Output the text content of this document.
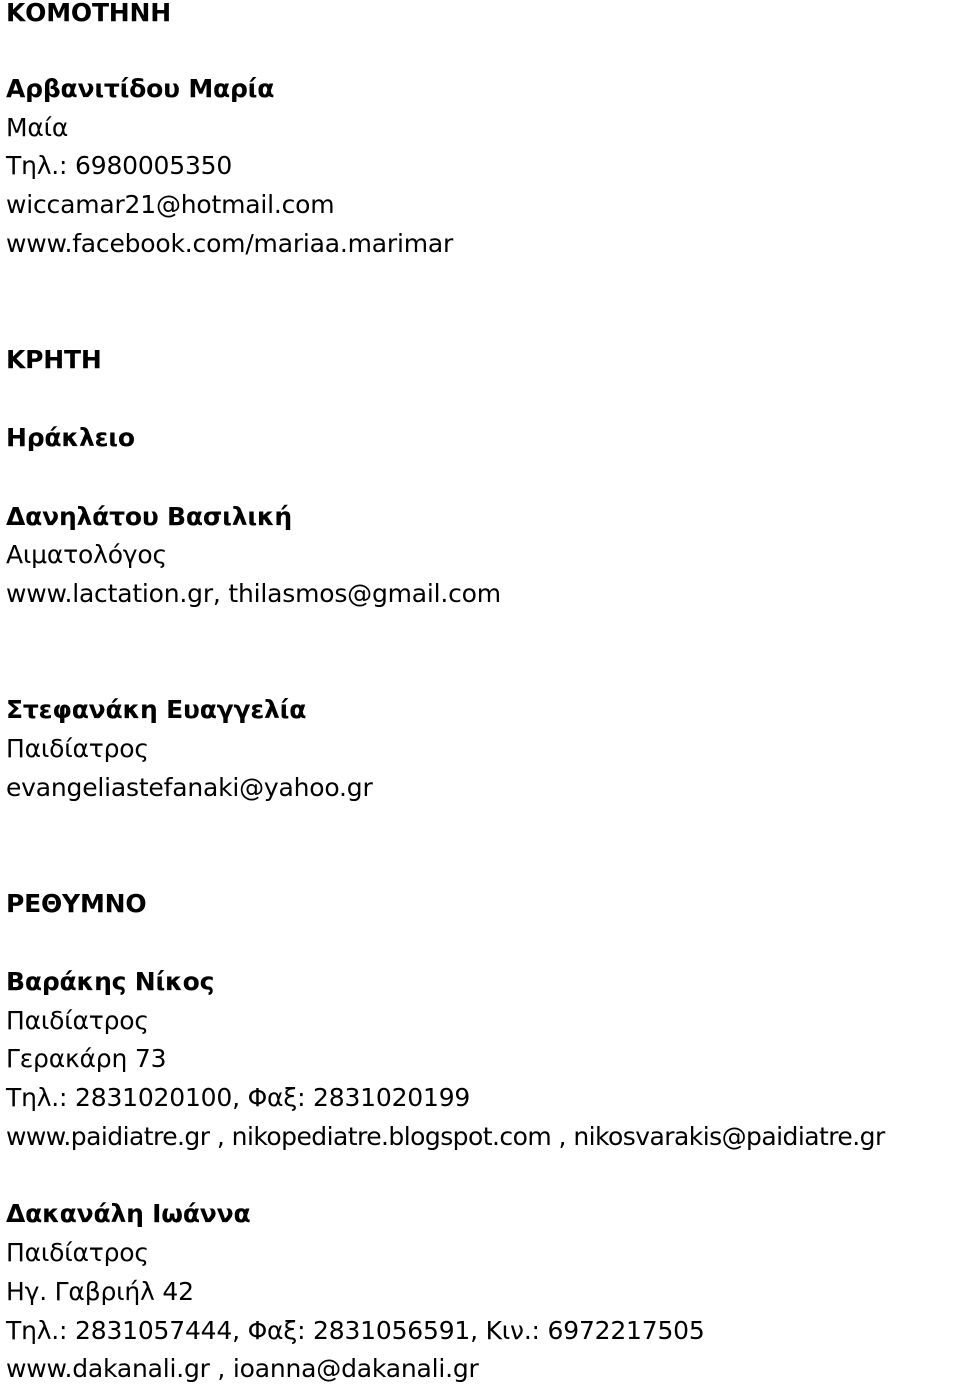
ΚΟΜΟΤΗΝΗ
Αρβανιτίδου Μαρία
Μαία
Τηλ.: 6980005350
wiccamar21@hotmail.com
www.facebook.com/mariaa.marimar
ΚΡΗΤΗ
Ηράκλειο
Δανηλάτου Βασιλική
Αιματολόγος
www.lactation.gr, thilasmos@gmail.com
Στεφανάκη Ευαγγελία
Παιδίατρος
evangeliastefanaki@yahoo.gr
ΡΕΘΥΜΝΟ
Βαράκης Νίκος
Παιδίατρος
Γερακάρη 73
Τηλ.: 2831020100, Φαξ: 2831020199
www.paidiatre.gr , nikopediatre.blogspot.com , nikosvarakis@paidiatre.gr
Δακανάλη Ιωάννα
Παιδίατρος
Ηγ. Γαβριήλ 42
Τηλ.: 2831057444, Φαξ: 2831056591, Κιν.: 6972217505
www.dakanali.gr , ioanna@dakanali.gr
